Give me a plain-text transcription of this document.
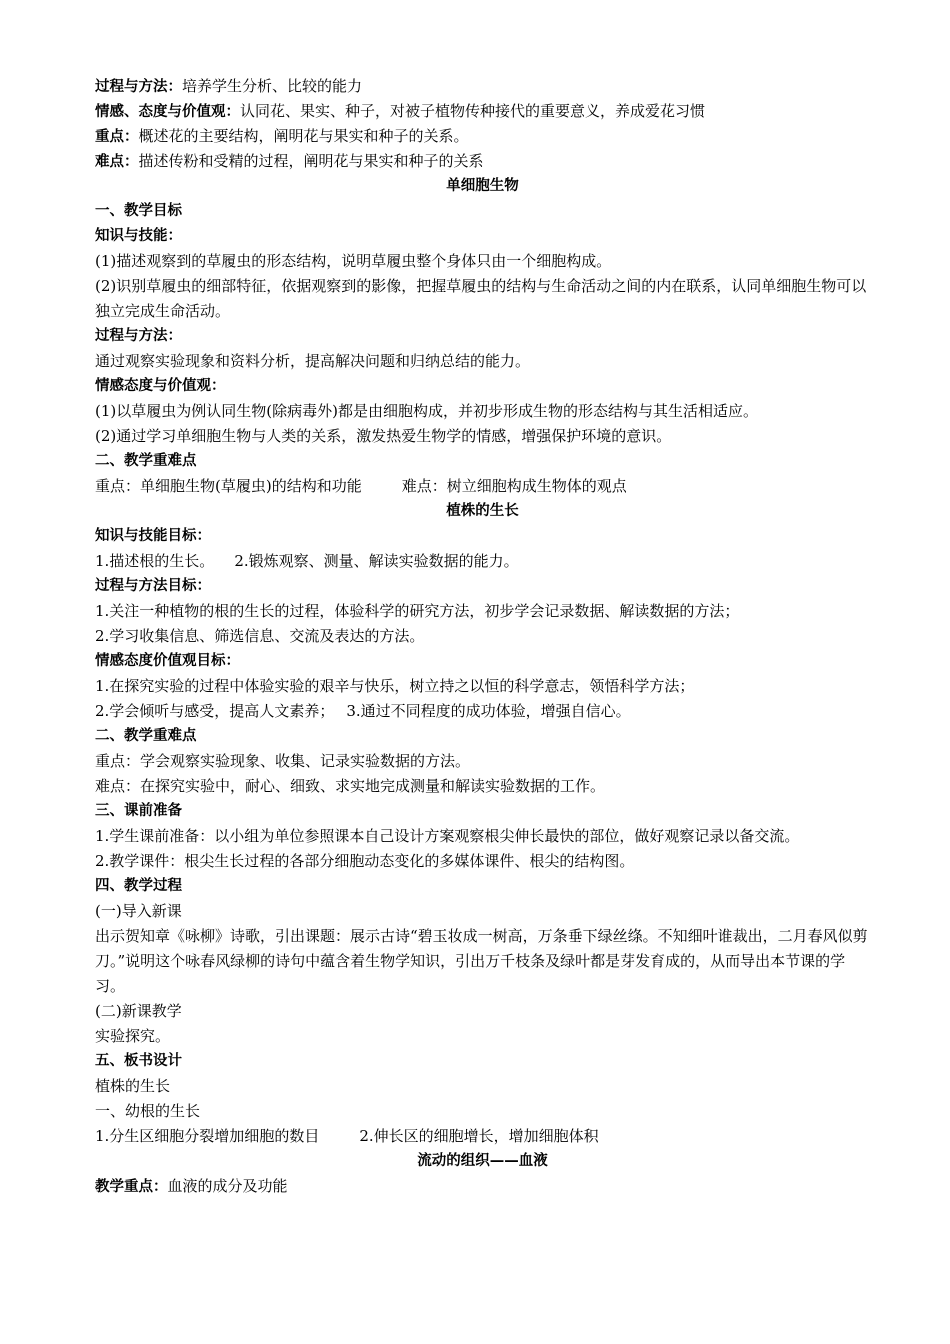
过程与方法：培养学生分析、比较的能力
情感、态度与价值观：认同花、果实、种子，对被子植物传种接代的重要意义，养成爱花习惯
重点：概述花的主要结构，阐明花与果实和种子的关系。
难点：描述传粉和受精的过程，阐明花与果实和种子的关系
单细胞生物
一、教学目标
知识与技能：
(1)描述观察到的草履虫的形态结构，说明草履虫整个身体只由一个细胞构成。
(2)识别草履虫的细部特征，依据观察到的影像，把握草履虫的结构与生命活动之间的内在联系，认同单细胞生物可以独立完成生命活动。
过程与方法：
通过观察实验现象和资料分析，提高解决问题和归纳总结的能力。
情感态度与价值观：
(1)以草履虫为例认同生物(除病毒外)都是由细胞构成，并初步形成生物的形态结构与其生活相适应。
(2)通过学习单细胞生物与人类的关系，激发热爱生物学的情感，增强保护环境的意识。
二、教学重难点
重点：单细胞生物(草履虫)的结构和功能	难点：树立细胞构成生物体的观点
植株的生长
知识与技能目标：
1.描述根的生长。 2.锻炼观察、测量、解读实验数据的能力。
过程与方法目标：
1.关注一种植物的根的生长的过程，体验科学的研究方法，初步学会记录数据、解读数据的方法；
2.学习收集信息、筛选信息、交流及表达的方法。
情感态度价值观目标：
1.在探究实验的过程中体验实验的艰辛与快乐，树立持之以恒的科学意志，领悟科学方法；
2.学会倾听与感受，提高人文素养； 3.通过不同程度的成功体验，增强自信心。
二、教学重难点
重点：学会观察实验现象、收集、记录实验数据的方法。
难点：在探究实验中，耐心、细致、求实地完成测量和解读实验数据的工作。
三、课前准备
1.学生课前准备：以小组为单位参照课本自己设计方案观察根尖伸长最快的部位，做好观察记录以备交流。
2.教学课件：根尖生长过程的各部分细胞动态变化的多媒体课件、根尖的结构图。
四、教学过程
(一)导入新课
出示贺知章《咏柳》诗歌，引出课题：展示古诗“碧玉妆成一树高，万条垂下绿丝绦。不知细叶谁裁出，二月春风似剪刀。”说明这个咏春风绿柳的诗句中蕴含着生物学知识，引出万千枝条及绿叶都是芽发育成的，从而导出本节课的学习。
(二)新课教学
实验探究。
五、板书设计
植株的生长
一、幼根的生长
1.分生区细胞分裂增加细胞的数目	2.伸长区的细胞增长，增加细胞体积
流动的组织——血液
教学重点：血液的成分及功能
